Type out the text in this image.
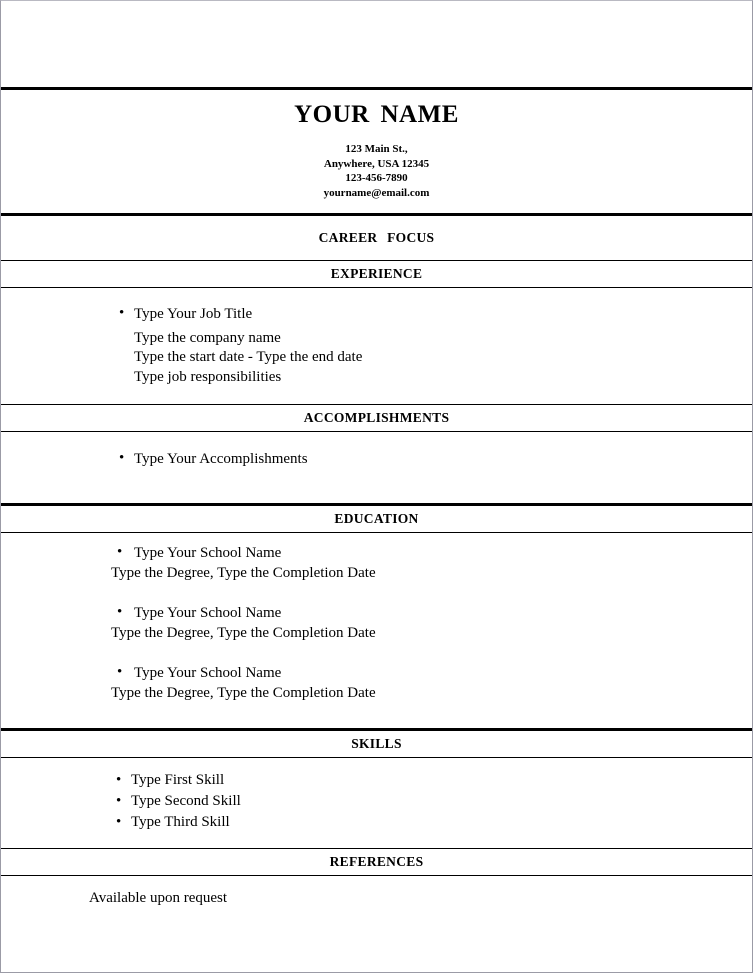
YOUR NAME
123 Main St.,
Anywhere, USA 12345
123-456-7890
yourname@email.com
CAREER FOCUS
EXPERIENCE
• Type Your Job Title
Type the company name
Type the start date - Type the end date
Type job responsibilities
ACCOMPLISHMENTS
• Type Your Accomplishments
EDUCATION
• Type Your School Name
Type the Degree, Type the Completion Date
• Type Your School Name
Type the Degree, Type the Completion Date
• Type Your School Name
Type the Degree, Type the Completion Date
SKILLS
• Type First Skill
• Type Second Skill
• Type Third Skill
REFERENCES
Available upon request
